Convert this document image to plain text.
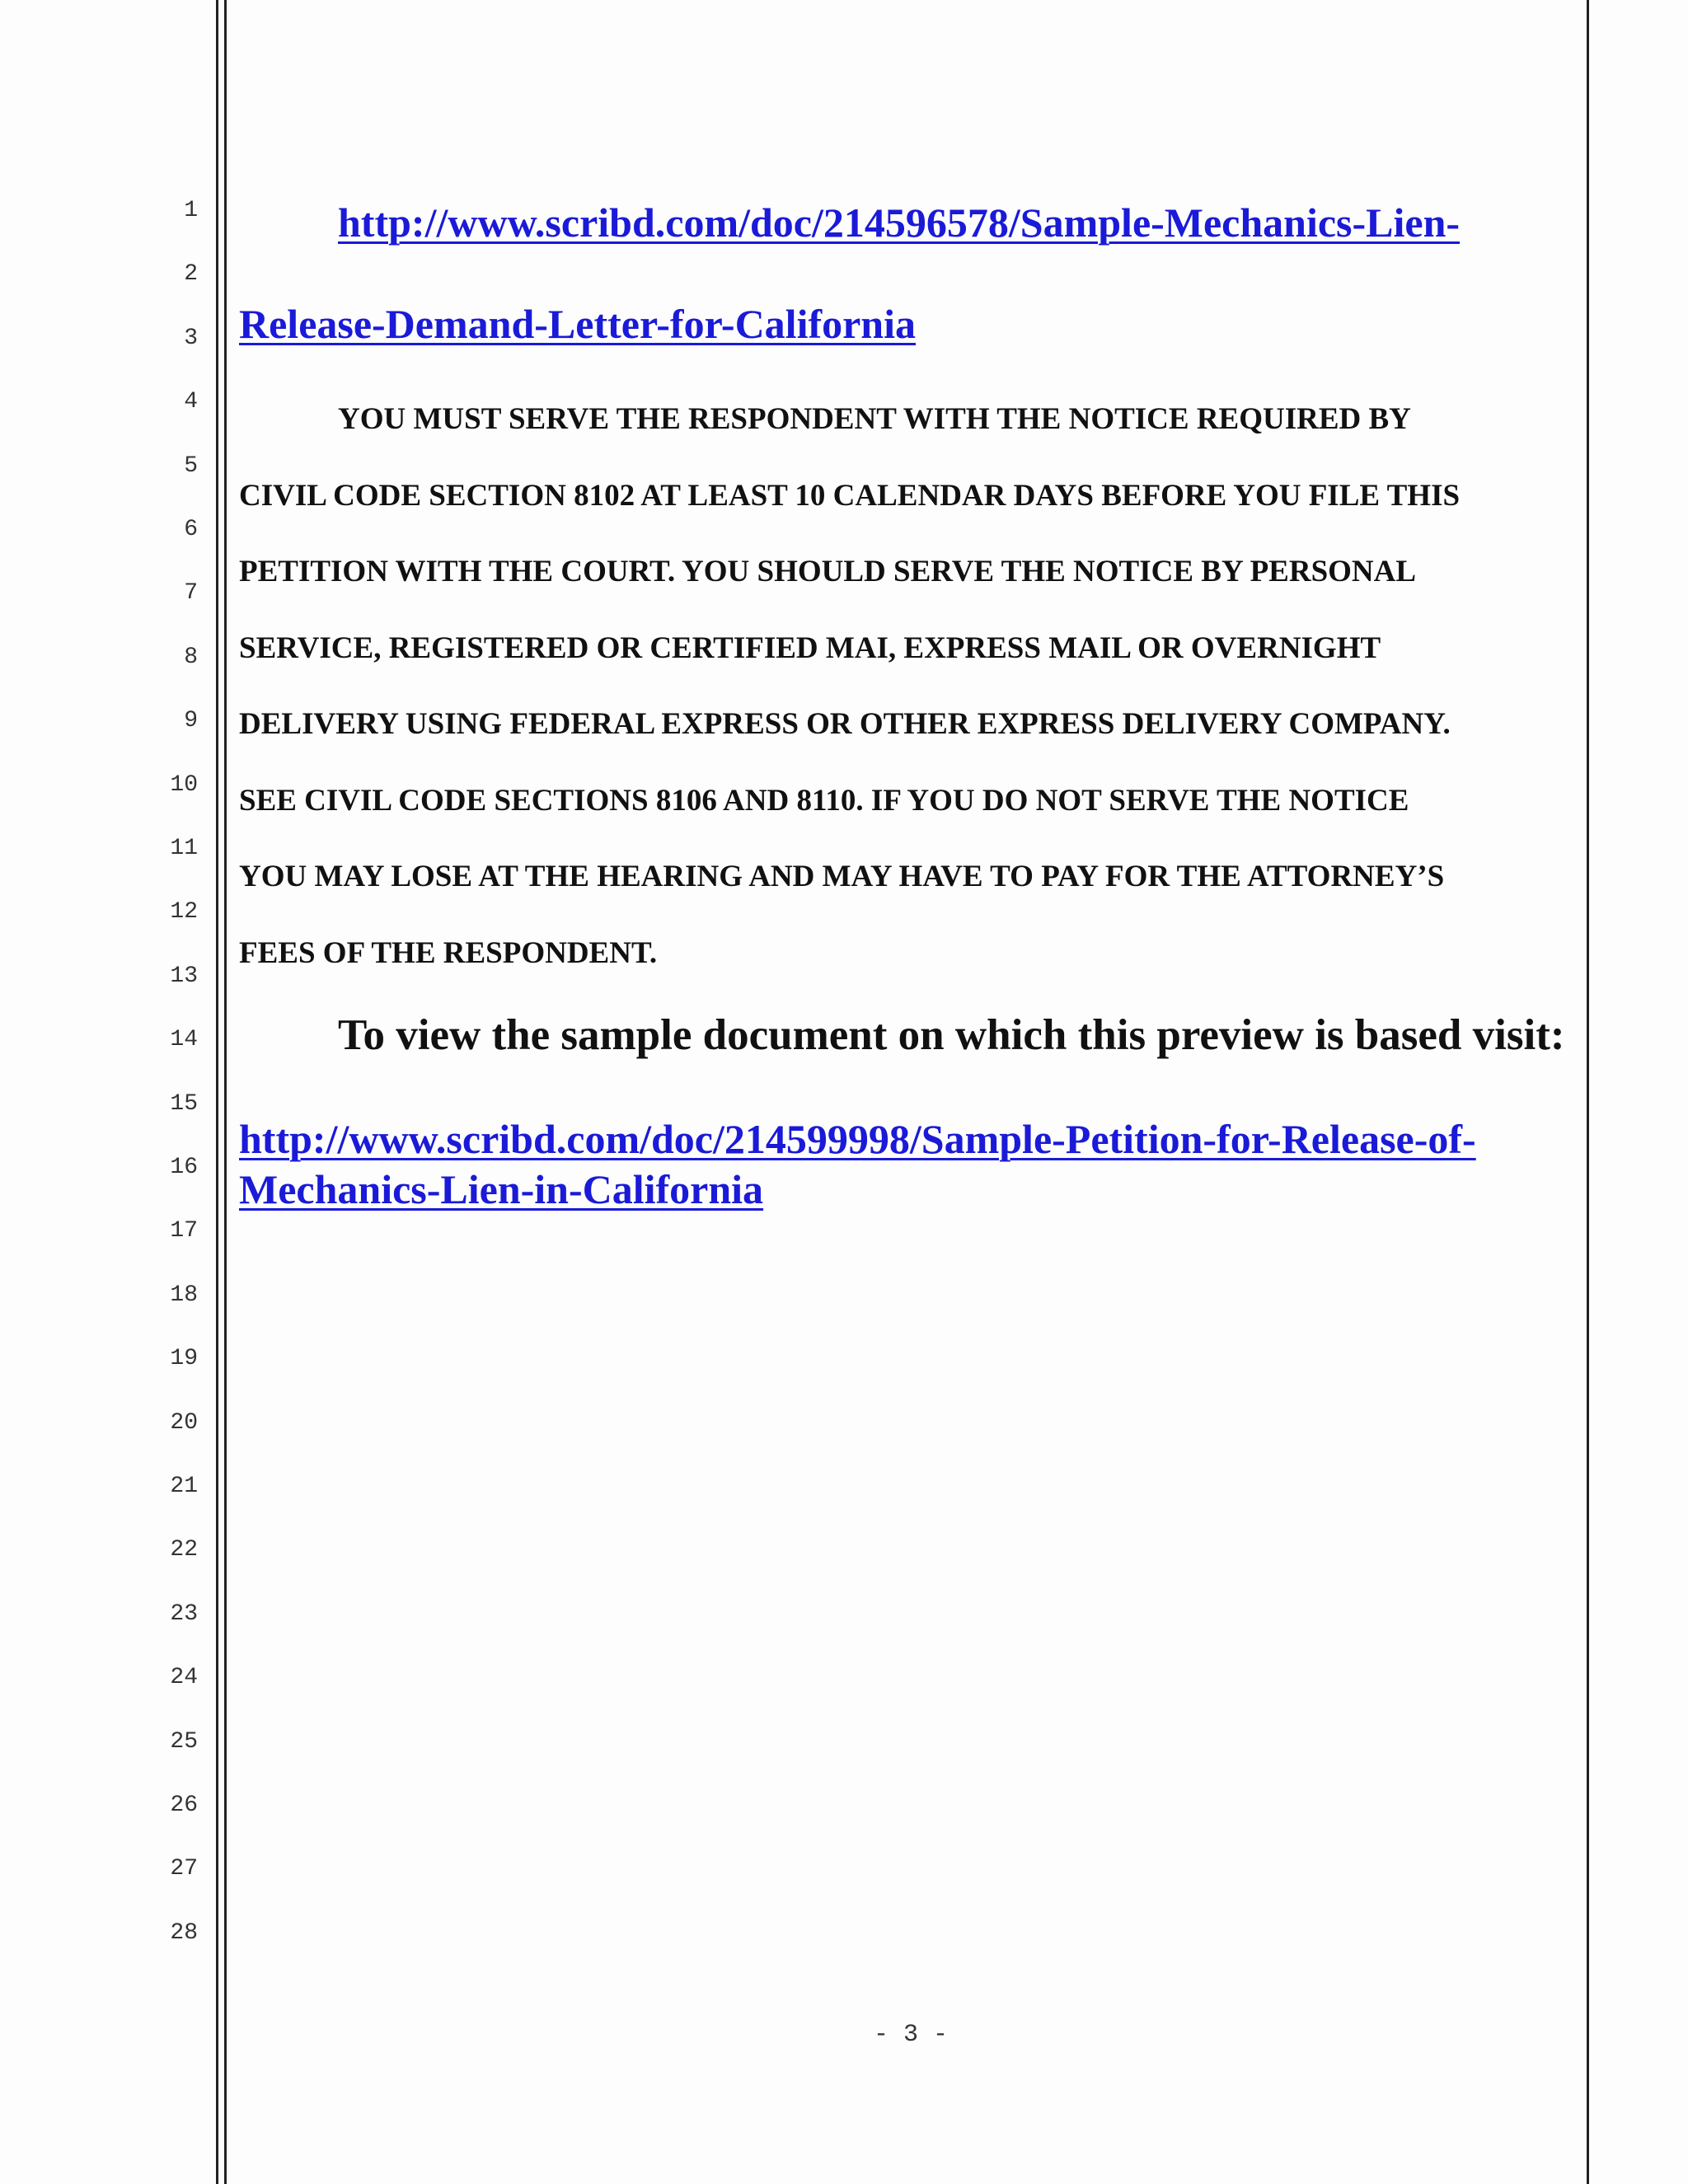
1
2
3
4
5
6
7
8
9
10
11
12
13
14
15
16
17
18
19
20
21
22
23
24
25
26
27
28
http://www.scribd.com/doc/214596578/Sample-Mechanics-Lien-
Release-Demand-Letter-for-California
YOU MUST SERVE THE RESPONDENT WITH THE NOTICE REQUIRED BY
CIVIL CODE SECTION 8102 AT LEAST 10 CALENDAR DAYS BEFORE YOU FILE THIS
PETITION WITH THE COURT. YOU SHOULD SERVE THE NOTICE BY PERSONAL
SERVICE, REGISTERED OR CERTIFIED MAI, EXPRESS MAIL OR OVERNIGHT
DELIVERY USING FEDERAL EXPRESS OR OTHER EXPRESS DELIVERY COMPANY.
SEE CIVIL CODE SECTIONS 8106 AND 8110. IF YOU DO NOT SERVE THE NOTICE
YOU MAY LOSE AT THE HEARING AND MAY HAVE TO PAY FOR THE ATTORNEY’S
FEES OF THE RESPONDENT.
To view the sample document on which this preview is based visit:
http://www.scribd.com/doc/214599998/Sample-Petition-for-Release-of-
Mechanics-Lien-in-California
- 3 -
